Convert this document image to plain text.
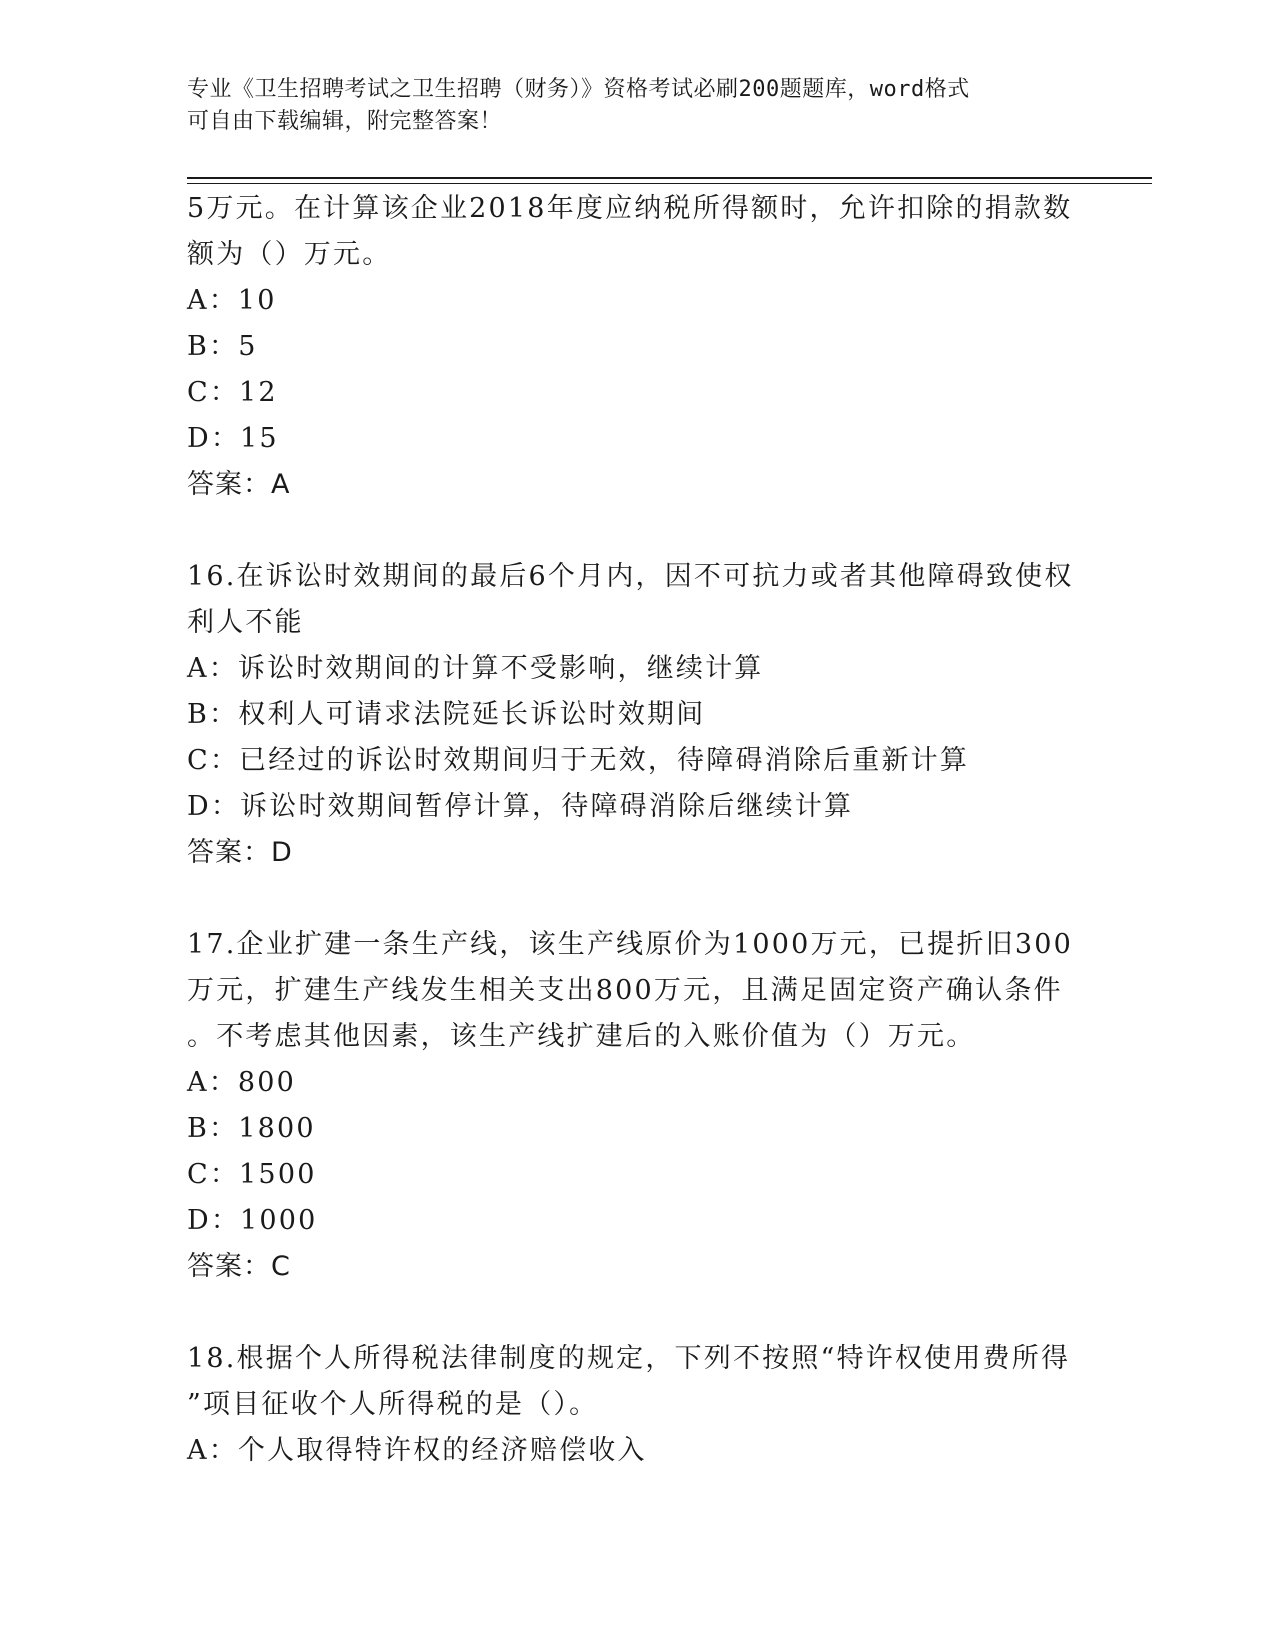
专业《卫生招聘考试之卫生招聘（财务）》资格考试必刷200题题库，word格式
可自由下载编辑，附完整答案！
5万元。在计算该企业2018年度应纳税所得额时，允许扣除的捐款数
额为（）万元。
A：10
B：5
C：12
D：15
答案：A
16.在诉讼时效期间的最后6个月内，因不可抗力或者其他障碍致使权
利人不能
A：诉讼时效期间的计算不受影响，继续计算
B：权利人可请求法院延长诉讼时效期间
C：已经过的诉讼时效期间归于无效，待障碍消除后重新计算
D：诉讼时效期间暂停计算，待障碍消除后继续计算
答案：D
17.企业扩建一条生产线，该生产线原价为1000万元，已提折旧300
万元，扩建生产线发生相关支出800万元，且满足固定资产确认条件
。不考虑其他因素，该生产线扩建后的入账价值为（）万元。
A：800
B：1800
C：1500
D：1000
答案：C
18.根据个人所得税法律制度的规定，下列不按照“特许权使用费所得
”项目征收个人所得税的是（）。
A：个人取得特许权的经济赔偿收入
